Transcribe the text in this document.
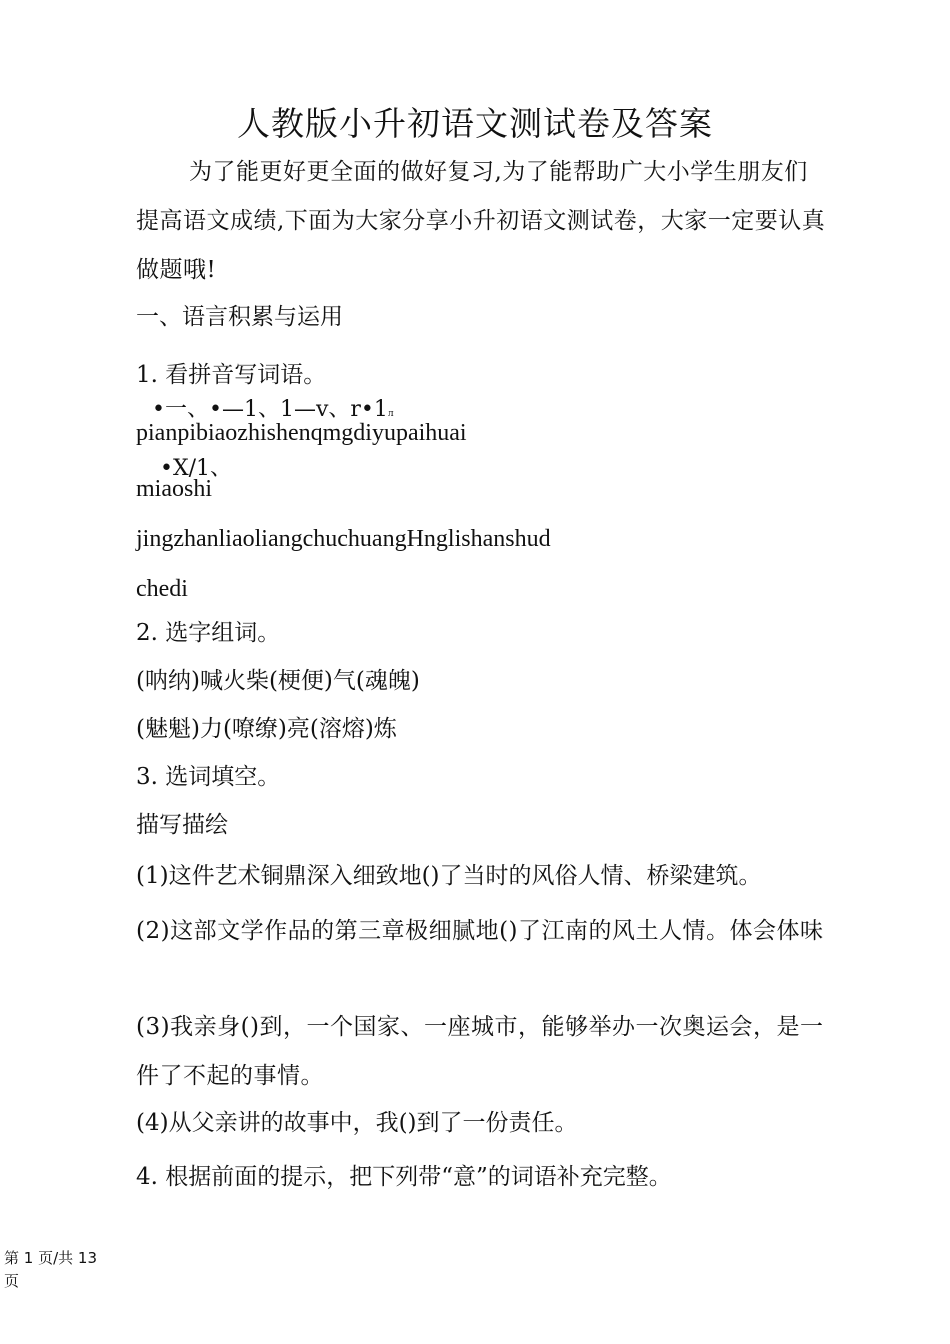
人教版小升初语文测试卷及答案
为了能更好更全面的做好复习,为了能帮助广大小学生朋友们提高语文成绩,下面为大家分享小升初语文测试卷，大家一定要认真做题哦!
一、语言积累与运用
1. 看拼音写词语。
•一、•—1、1—v、r•1л
pianpibiaozhishenqmgdiyupaihuai
•X/1、
miaoshi
jingzhanliaoliangchuchuangHnglishanshud
chedi
2. 选字组词。
(呐纳)喊火柴(梗便)气(魂魄)
(魅魁)力(嘹缭)亮(溶熔)炼
3. 选词填空。
描写描绘
(1)这件艺术铜鼎深入细致地()了当时的风俗人情、桥梁建筑。
(2)这部文学作品的第三章极细腻地()了江南的风土人情。体会体味
(3)我亲身()到，一个国家、一座城市，能够举办一次奥运会，是一件了不起的事情。
(4)从父亲讲的故事中，我()到了一份责任。
4. 根据前面的提示，把下列带“意”的词语补充完整。
第 1 页/共 13 页
